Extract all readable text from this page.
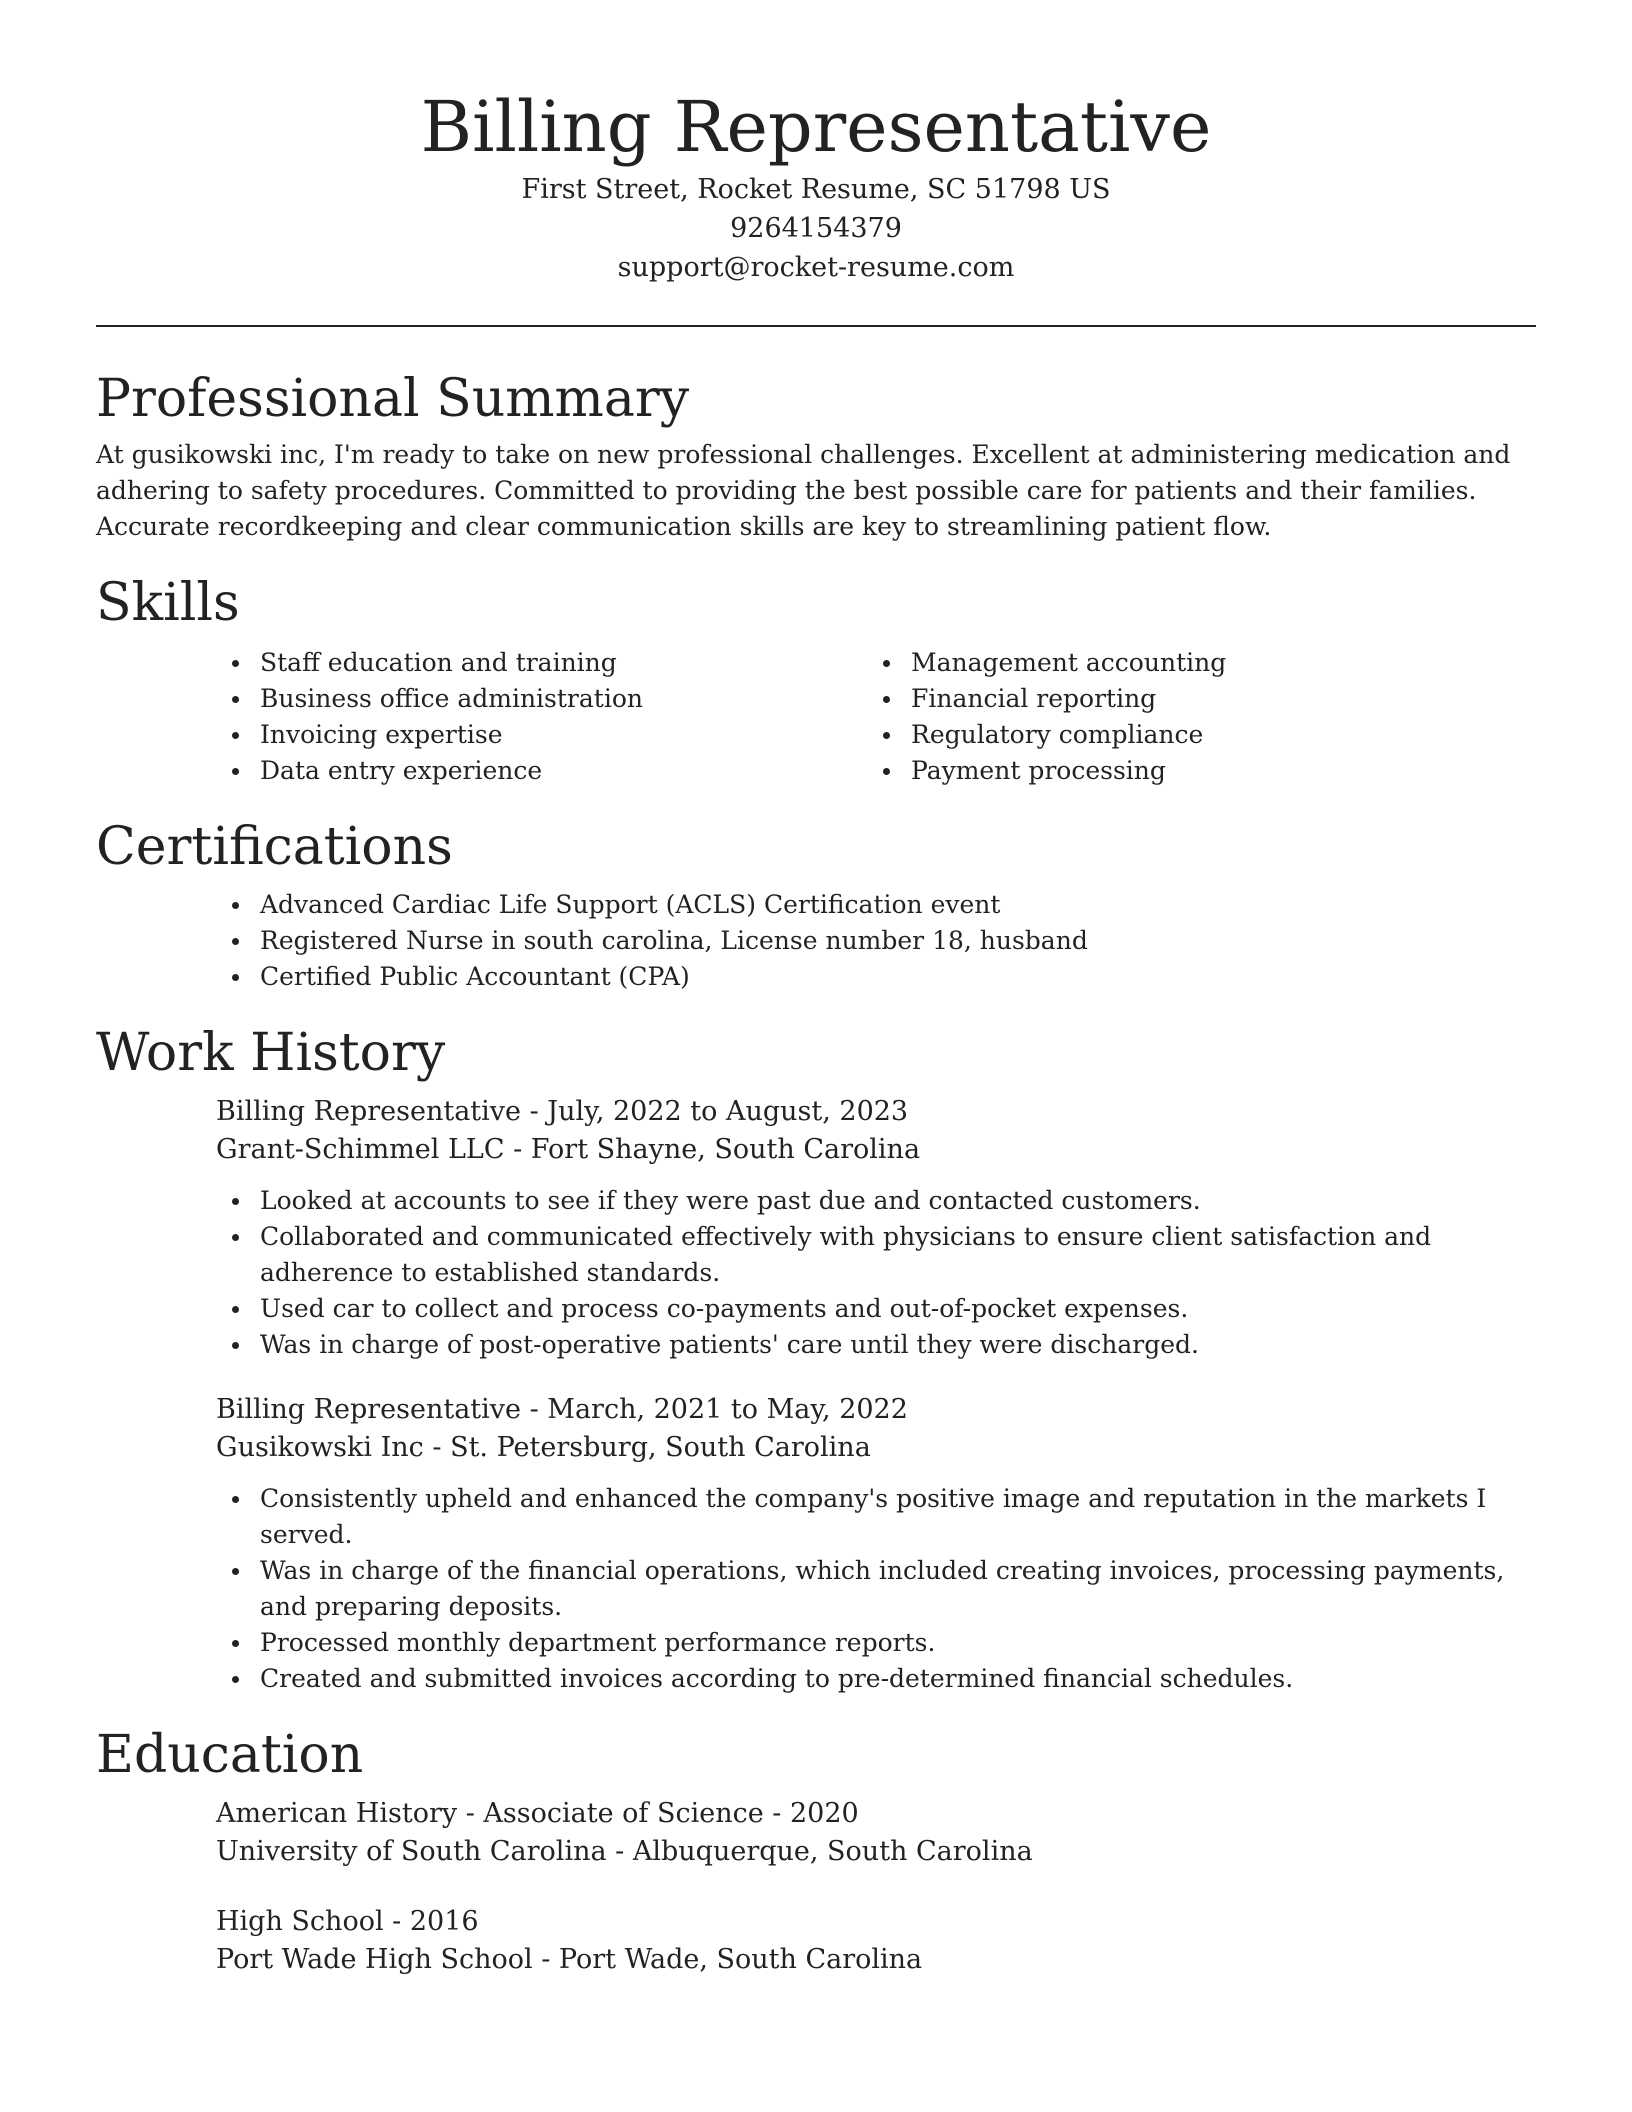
Billing Representative
First Street, Rocket Resume, SC 51798 US
9264154379
support@rocket-resume.com
Professional Summary

At gusikowski inc, I'm ready to take on new professional challenges. Excellent at administering medication and adhering to safety procedures. Committed to providing the best possible care for patients and their families. Accurate recordkeeping and clear communication skills are key to streamlining patient flow.

Skills
Staff education and training
Business office administration
Invoicing expertise
Data entry experience
Management accounting
Financial reporting
Regulatory compliance
Payment processing
Certifications
Advanced Cardiac Life Support (ACLS) Certification event
Registered Nurse in south carolina, License number 18, husband
Certified Public Accountant (CPA)
Work History
Billing Representative - July, 2022 to August, 2023
Grant-Schimmel LLC - Fort Shayne, South Carolina
Looked at accounts to see if they were past due and contacted customers.
Collaborated and communicated effectively with physicians to ensure client satisfaction and adherence to established standards.
Used car to collect and process co-payments and out-of-pocket expenses.
Was in charge of post-operative patients' care until they were discharged.
Billing Representative - March, 2021 to May, 2022
Gusikowski Inc - St. Petersburg, South Carolina
Consistently upheld and enhanced the company's positive image and reputation in the markets I served.
Was in charge of the financial operations, which included creating invoices, processing payments, and preparing deposits.
Processed monthly department performance reports.
Created and submitted invoices according to pre-determined financial schedules.
Education
American History - Associate of Science - 2020
University of South Carolina - Albuquerque, South Carolina
High School - 2016
Port Wade High School - Port Wade, South Carolina
